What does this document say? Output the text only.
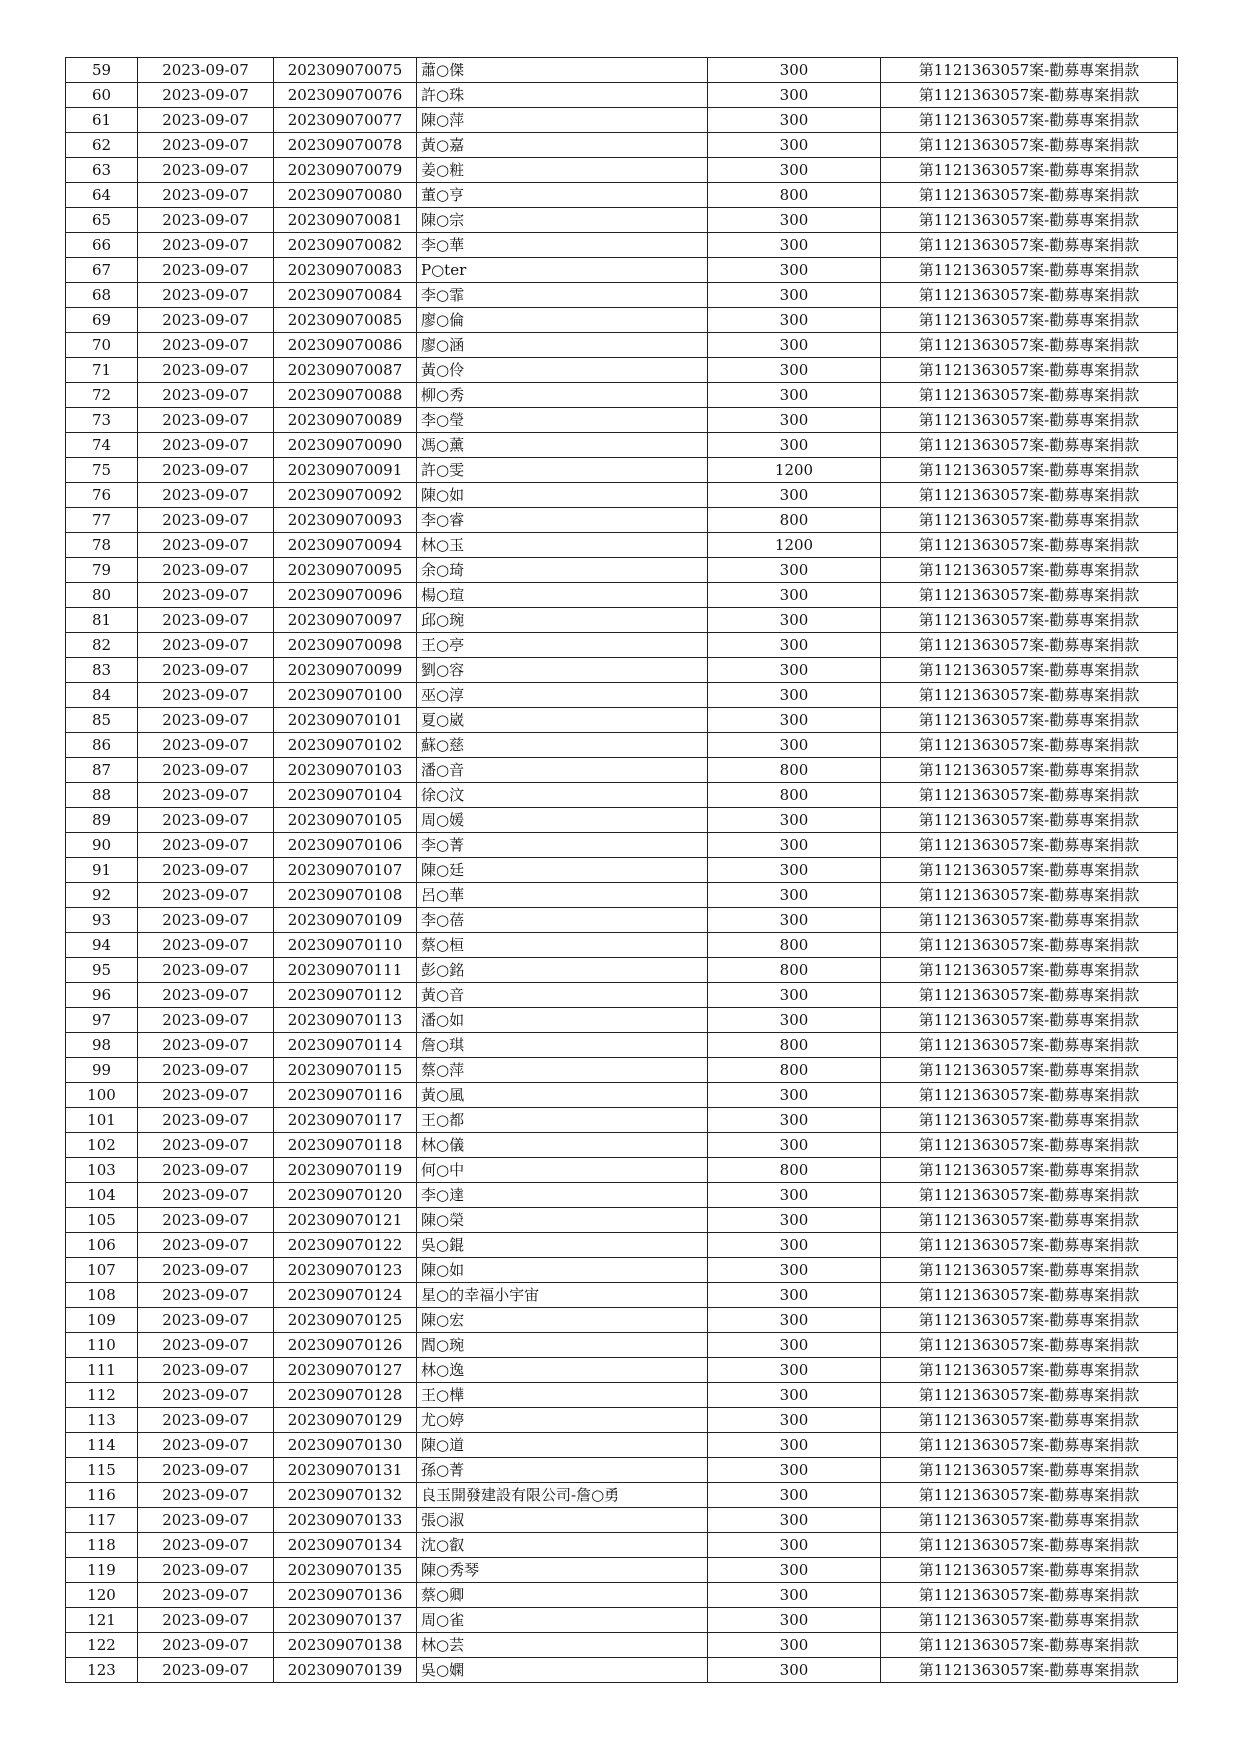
59	2023-09-07	202309070075	蕭○傑	300	第1121363057案-勸募專案捐款
60	2023-09-07	202309070076	許○珠	300	第1121363057案-勸募專案捐款
61	2023-09-07	202309070077	陳○萍	300	第1121363057案-勸募專案捐款
62	2023-09-07	202309070078	黃○嘉	300	第1121363057案-勸募專案捐款
63	2023-09-07	202309070079	姜○粧	300	第1121363057案-勸募專案捐款
64	2023-09-07	202309070080	董○亨	800	第1121363057案-勸募專案捐款
65	2023-09-07	202309070081	陳○宗	300	第1121363057案-勸募專案捐款
66	2023-09-07	202309070082	李○華	300	第1121363057案-勸募專案捐款
67	2023-09-07	202309070083	P○ter	300	第1121363057案-勸募專案捐款
68	2023-09-07	202309070084	李○霏	300	第1121363057案-勸募專案捐款
69	2023-09-07	202309070085	廖○倫	300	第1121363057案-勸募專案捐款
70	2023-09-07	202309070086	廖○涵	300	第1121363057案-勸募專案捐款
71	2023-09-07	202309070087	黃○伶	300	第1121363057案-勸募專案捐款
72	2023-09-07	202309070088	柳○秀	300	第1121363057案-勸募專案捐款
73	2023-09-07	202309070089	李○瑩	300	第1121363057案-勸募專案捐款
74	2023-09-07	202309070090	馮○薰	300	第1121363057案-勸募專案捐款
75	2023-09-07	202309070091	許○雯	1200	第1121363057案-勸募專案捐款
76	2023-09-07	202309070092	陳○如	300	第1121363057案-勸募專案捐款
77	2023-09-07	202309070093	李○睿	800	第1121363057案-勸募專案捐款
78	2023-09-07	202309070094	林○玉	1200	第1121363057案-勸募專案捐款
79	2023-09-07	202309070095	余○琦	300	第1121363057案-勸募專案捐款
80	2023-09-07	202309070096	楊○瑄	300	第1121363057案-勸募專案捐款
81	2023-09-07	202309070097	邱○琬	300	第1121363057案-勸募專案捐款
82	2023-09-07	202309070098	王○亭	300	第1121363057案-勸募專案捐款
83	2023-09-07	202309070099	劉○容	300	第1121363057案-勸募專案捐款
84	2023-09-07	202309070100	巫○淳	300	第1121363057案-勸募專案捐款
85	2023-09-07	202309070101	夏○崴	300	第1121363057案-勸募專案捐款
86	2023-09-07	202309070102	蘇○慈	300	第1121363057案-勸募專案捐款
87	2023-09-07	202309070103	潘○音	800	第1121363057案-勸募專案捐款
88	2023-09-07	202309070104	徐○汶	800	第1121363057案-勸募專案捐款
89	2023-09-07	202309070105	周○媛	300	第1121363057案-勸募專案捐款
90	2023-09-07	202309070106	李○菁	300	第1121363057案-勸募專案捐款
91	2023-09-07	202309070107	陳○廷	300	第1121363057案-勸募專案捐款
92	2023-09-07	202309070108	呂○華	300	第1121363057案-勸募專案捐款
93	2023-09-07	202309070109	李○蓓	300	第1121363057案-勸募專案捐款
94	2023-09-07	202309070110	蔡○桓	800	第1121363057案-勸募專案捐款
95	2023-09-07	202309070111	彭○銘	800	第1121363057案-勸募專案捐款
96	2023-09-07	202309070112	黃○音	300	第1121363057案-勸募專案捐款
97	2023-09-07	202309070113	潘○如	300	第1121363057案-勸募專案捐款
98	2023-09-07	202309070114	詹○琪	800	第1121363057案-勸募專案捐款
99	2023-09-07	202309070115	蔡○萍	800	第1121363057案-勸募專案捐款
100	2023-09-07	202309070116	黃○風	300	第1121363057案-勸募專案捐款
101	2023-09-07	202309070117	王○都	300	第1121363057案-勸募專案捐款
102	2023-09-07	202309070118	林○儀	300	第1121363057案-勸募專案捐款
103	2023-09-07	202309070119	何○中	800	第1121363057案-勸募專案捐款
104	2023-09-07	202309070120	李○達	300	第1121363057案-勸募專案捐款
105	2023-09-07	202309070121	陳○榮	300	第1121363057案-勸募專案捐款
106	2023-09-07	202309070122	吳○錕	300	第1121363057案-勸募專案捐款
107	2023-09-07	202309070123	陳○如	300	第1121363057案-勸募專案捐款
108	2023-09-07	202309070124	星○的幸福小宇宙	300	第1121363057案-勸募專案捐款
109	2023-09-07	202309070125	陳○宏	300	第1121363057案-勸募專案捐款
110	2023-09-07	202309070126	閻○琬	300	第1121363057案-勸募專案捐款
111	2023-09-07	202309070127	林○逸	300	第1121363057案-勸募專案捐款
112	2023-09-07	202309070128	王○樺	300	第1121363057案-勸募專案捐款
113	2023-09-07	202309070129	尤○婷	300	第1121363057案-勸募專案捐款
114	2023-09-07	202309070130	陳○道	300	第1121363057案-勸募專案捐款
115	2023-09-07	202309070131	孫○菁	300	第1121363057案-勸募專案捐款
116	2023-09-07	202309070132	良玉開發建設有限公司-詹○勇	300	第1121363057案-勸募專案捐款
117	2023-09-07	202309070133	張○淑	300	第1121363057案-勸募專案捐款
118	2023-09-07	202309070134	沈○叡	300	第1121363057案-勸募專案捐款
119	2023-09-07	202309070135	陳○秀琴	300	第1121363057案-勸募專案捐款
120	2023-09-07	202309070136	蔡○卿	300	第1121363057案-勸募專案捐款
121	2023-09-07	202309070137	周○雀	300	第1121363057案-勸募專案捐款
122	2023-09-07	202309070138	林○芸	300	第1121363057案-勸募專案捐款
123	2023-09-07	202309070139	吳○嫻	300	第1121363057案-勸募專案捐款
